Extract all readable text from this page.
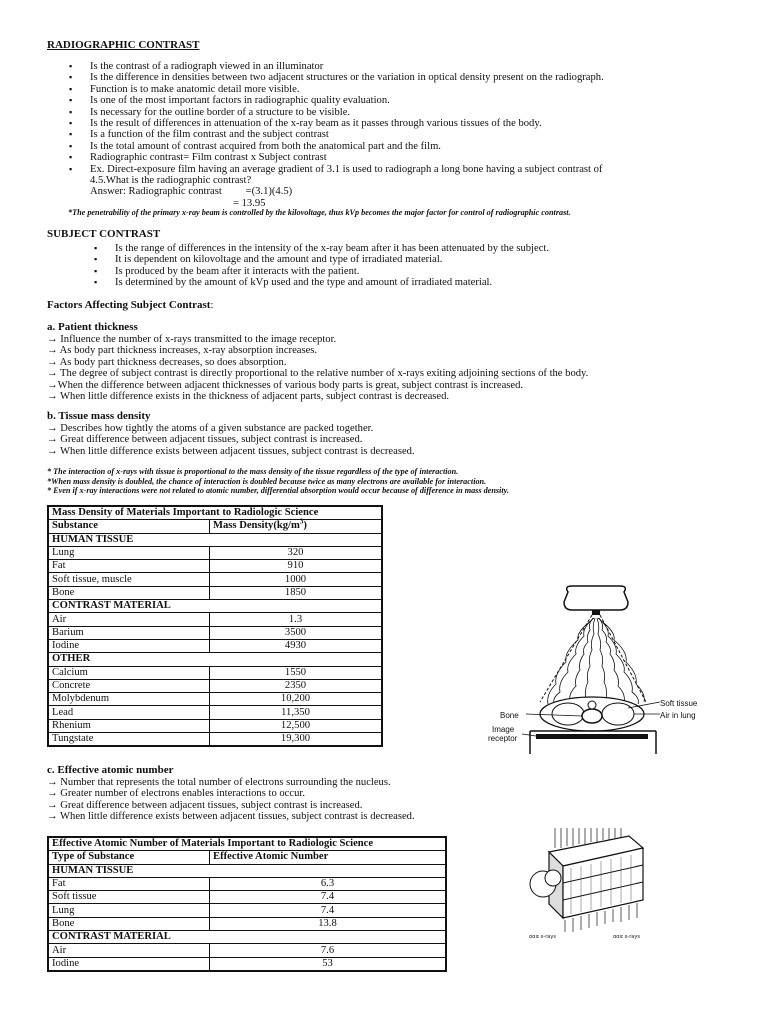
RADIOGRAPHIC CONTRAST
▪ Is the contrast of a radiograph viewed in an illuminator
▪ Is the difference in densities between two adjacent structures or the variation in optical density present on the radiograph.
▪ Function is to make anatomic detail more visible.
▪ Is one of the most important factors in radiographic quality evaluation.
▪ Is necessary for the outline border of a structure to be visible.
▪ Is the result of differences in attenuation of the x-ray beam as it passes through various tissues of the body.
▪ Is a function of the film contrast and the subject contrast
▪ Is the total amount of contrast acquired from both the anatomical part and the film.
▪ Radiographic contrast= Film contrast x Subject contrast
▪ Ex. Direct-exposure film having an average gradient of 3.1 is used to radiograph a long bone having a subject contrast of
4.5.What is the radiographic contrast?
Answer: Radiographic contrast         =(3.1)(4.5)
= 13.95
*The penetrability of the primary x-ray beam is controlled by the kilovoltage, thus kVp becomes the major factor for control of radiographic contrast.
SUBJECT CONTRAST
▪ Is the range of differences in the intensity of the x-ray beam after it has been attenuated by the subject.
▪ It is dependent on kilovoltage and the amount and type of irradiated material.
▪ Is produced by the beam after it interacts with the patient.
▪ Is determined by the amount of kVp used and the type and amount of irradiated material.
Factors Affecting Subject Contrast:
a. Patient thickness
→ Influence the number of x-rays transmitted to the image receptor.
→ As body part thickness increases, x-ray absorption increases.
→ As body part thickness decreases, so does absorption.
→ The degree of subject contrast is directly proportional to the relative number of x-rays exiting adjoining sections of the body.
→When the difference between adjacent thicknesses of various body parts is great, subject contrast is increased.
→ When little difference exists in the thickness of adjacent parts, subject contrast is decreased.
b. Tissue mass density
→ Describes how tightly the atoms of a given substance are packed together.
→ Great difference between adjacent tissues, subject contrast is increased.
→ When little difference exists between adjacent tissues, subject contrast is decreased.
* The interaction of x-rays with tissue is proportional to the mass density of the tissue regardless of the type of interaction.
*When mass density is doubled, the chance of interaction is doubled because twice as many electrons are available for interaction.
* Even if x-ray interactions were not related to atomic number, differential absorption would occur because of difference in mass density.
Mass Density of Materials Important to Radiologic Science	
Substance	Mass $Density(kg/m^3)$
HUMAN TISSUE	
Lung	320
Fat	910
Soft tissue, muscle	1000
Bone	1850
CONTRAST MATERIAL	
Air	1.3
Barium	3500
Iodine	4930
OTHER	
Calcium	1550
Concrete	2350
Molybdenum	10,200
Lead	11,350
Rhenium	12,500
Tungstate	19,300
Soft tissue
Air in lung
Bone
Image
receptor
c. Effective atomic number
→ Number that represents the total number of electrons surrounding the nucleus.
→ Greater number of electrons enables interactions to occur.
→ Great difference between adjacent tissues, subject contrast is increased.
→ When little difference exists between adjacent tissues, subject contrast is decreased.
Effective Atomic Number of Materials Important to Radiologic Science	
Type of Substance	Effective Atomic Number
HUMAN TISSUE	
Fat	6.3
Soft tissue	7.4
Lung	7.4
Bone	13.8
CONTRAST MATERIAL	
Air	7.6
Iodine	53
ααα x-rays	ααα x-rays
